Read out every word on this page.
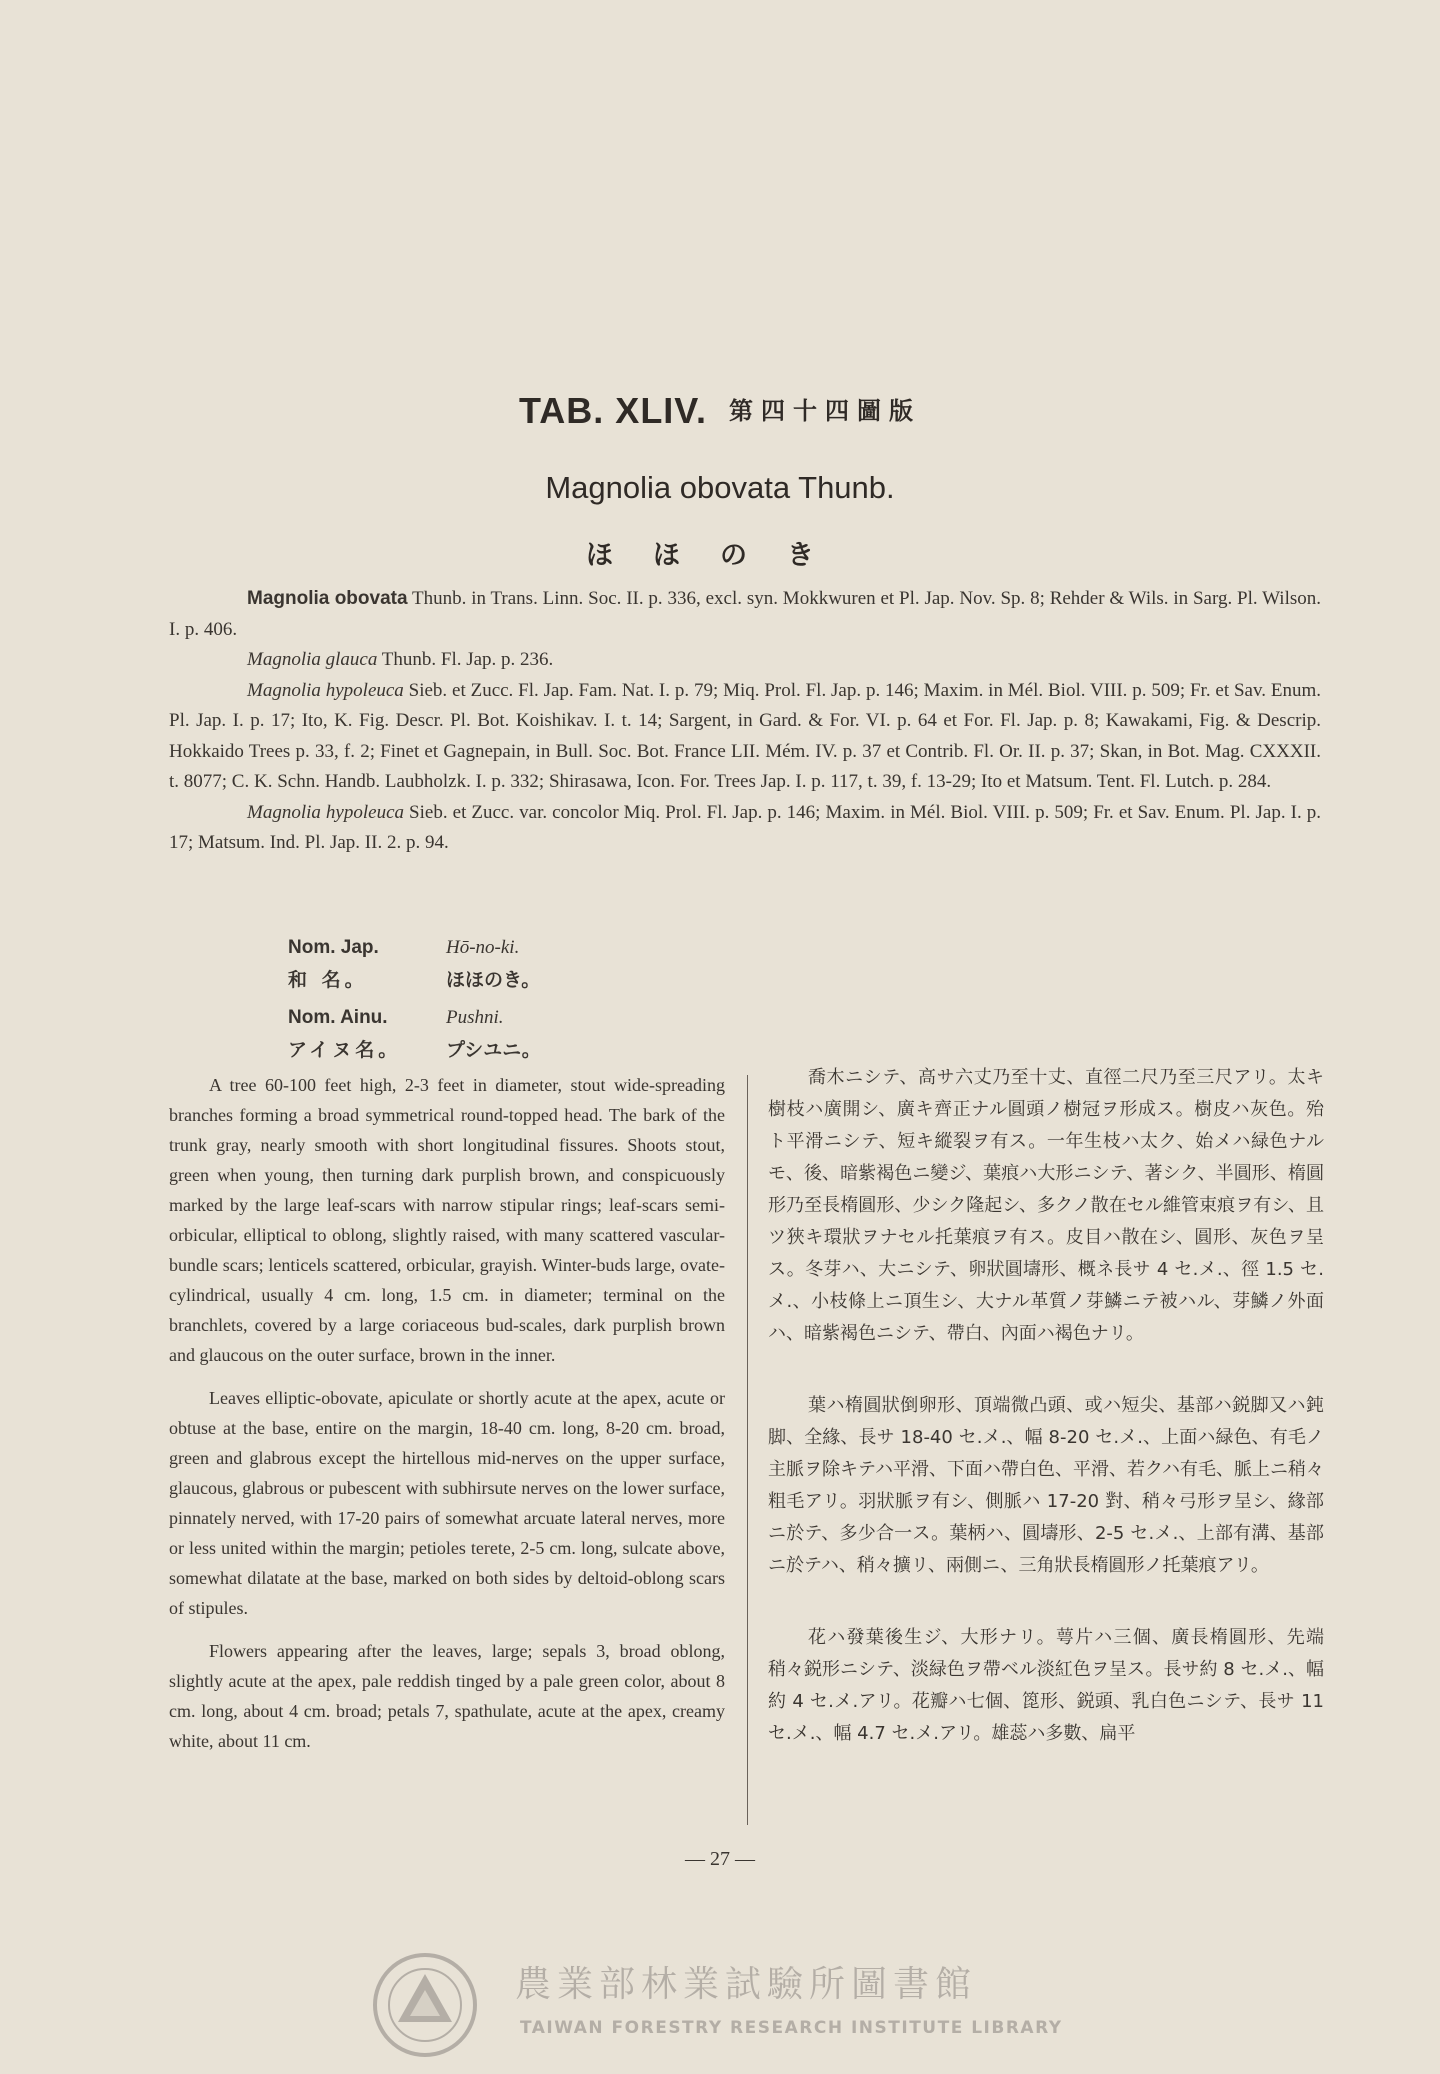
TAB. XLIV. 第四十四圖版
Magnolia obovata Thunb.
ほほのき

Magnolia obovata Thunb. in Trans. Linn. Soc. II. p. 336, excl. syn. Mokkwuren et Pl. Jap. Nov. Sp. 8; Rehder & Wils. in Sarg. Pl. Wilson. I. p. 406.

Magnolia glauca Thunb. Fl. Jap. p. 236.

Magnolia hypoleuca Sieb. et Zucc. Fl. Jap. Fam. Nat. I. p. 79; Miq. Prol. Fl. Jap. p. 146; Maxim. in Mél. Biol. VIII. p. 509; Fr. et Sav. Enum. Pl. Jap. I. p. 17; Ito, K. Fig. Descr. Pl. Bot. Koishikav. I. t. 14; Sargent, in Gard. & For. VI. p. 64 et For. Fl. Jap. p. 8; Kawakami, Fig. & Descrip. Hokkaido Trees p. 33, f. 2; Finet et Gagnepain, in Bull. Soc. Bot. France LII. Mém. IV. p. 37 et Contrib. Fl. Or. II. p. 37; Skan, in Bot. Mag. CXXXII. t. 8077; C. K. Schn. Handb. Laubholzk. I. p. 332; Shirasawa, Icon. For. Trees Jap. I. p. 117, t. 39, f. 13-29; Ito et Matsum. Tent. Fl. Lutch. p. 284.

Magnolia hypoleuca Sieb. et Zucc. var. concolor Miq. Prol. Fl. Jap. p. 146; Maxim. in Mél. Biol. VIII. p. 509; Fr. et Sav. Enum. Pl. Jap. I. p. 17; Matsum. Ind. Pl. Jap. II. 2. p. 94.

Nom. Jap.	Hō-no-ki.
和 名。	ほほのき。
Nom. Ainu.	Pushni.
アイヌ名。	プシユニ。

A tree 60-100 feet high, 2-3 feet in diameter, stout wide-spreading branches forming a broad symmetrical round-topped head. The bark of the trunk gray, nearly smooth with short longitudinal fissures. Shoots stout, green when young, then turning dark purplish brown, and conspicuously marked by the large leaf-scars with narrow stipular rings; leaf-scars semi-orbicular, elliptical to oblong, slightly raised, with many scattered vascular-bundle scars; lenticels scattered, orbicular, grayish. Winter-buds large, ovate-cylindrical, usually 4 cm. long, 1.5 cm. in diameter; terminal on the branchlets, covered by a large coriaceous bud-scales, dark purplish brown and glaucous on the outer surface, brown in the inner.

Leaves elliptic-obovate, apiculate or shortly acute at the apex, acute or obtuse at the base, entire on the margin, 18-40 cm. long, 8-20 cm. broad, green and glabrous except the hirtellous mid-nerves on the upper surface, glaucous, glabrous or pubescent with subhirsute nerves on the lower surface, pinnately nerved, with 17-20 pairs of somewhat arcuate lateral nerves, more or less united within the margin; petioles terete, 2-5 cm. long, sulcate above, somewhat dilatate at the base, marked on both sides by deltoid-oblong scars of stipules.

Flowers appearing after the leaves, large; sepals 3, broad oblong, slightly acute at the apex, pale reddish tinged by a pale green color, about 8 cm. long, about 4 cm. broad; petals 7, spathulate, acute at the apex, creamy white, about 11 cm.

喬木ニシテ、高サ六丈乃至十丈、直徑二尺乃至三尺アリ。太キ樹枝ハ廣開シ、廣キ齊正ナル圓頭ノ樹冠ヲ形成ス。樹皮ハ灰色。殆ト平滑ニシテ、短キ縱裂ヲ有ス。一年生枝ハ太ク、始メハ緑色ナルモ、後、暗紫褐色ニ變ジ、葉痕ハ大形ニシテ、著シク、半圓形、楕圓形乃至長楕圓形、少シク隆起シ、多クノ散在セル維管束痕ヲ有シ、且ツ狹キ環狀ヲナセル托葉痕ヲ有ス。皮目ハ散在シ、圓形、灰色ヲ呈ス。冬芽ハ、大ニシテ、卵狀圓壔形、概ネ長サ 4 セ.メ.、徑 1.5 セ.メ.、小枝條上ニ頂生シ、大ナル革質ノ芽鱗ニテ被ハル、芽鱗ノ外面ハ、暗紫褐色ニシテ、帶白、內面ハ褐色ナリ。

葉ハ楕圓狀倒卵形、頂端微凸頭、或ハ短尖、基部ハ鋭脚又ハ鈍脚、全緣、長サ 18-40 セ.メ.、幅 8-20 セ.メ.、上面ハ緑色、有毛ノ主脈ヲ除キテハ平滑、下面ハ帶白色、平滑、若クハ有毛、脈上ニ稍々粗毛アリ。羽狀脈ヲ有シ、側脈ハ 17-20 對、稍々弓形ヲ呈シ、緣部ニ於テ、多少合一ス。葉柄ハ、圓壔形、2-5 セ.メ.、上部有溝、基部ニ於テハ、稍々擴リ、兩側ニ、三角狀長楕圓形ノ托葉痕アリ。

花ハ發葉後生ジ、大形ナリ。萼片ハ三個、廣長楕圓形、先端稍々鋭形ニシテ、淡緑色ヲ帶ベル淡紅色ヲ呈ス。長サ約 8 セ.メ.、幅約 4 セ.メ.アリ。花瓣ハ七個、箆形、鋭頭、乳白色ニシテ、長サ 11 セ.メ.、幅 4.7 セ.メ.アリ。雄蕊ハ多數、扁平

— 27 —
農業部林業試驗所圖書館
TAIWAN FORESTRY RESEARCH INSTITUTE LIBRARY
